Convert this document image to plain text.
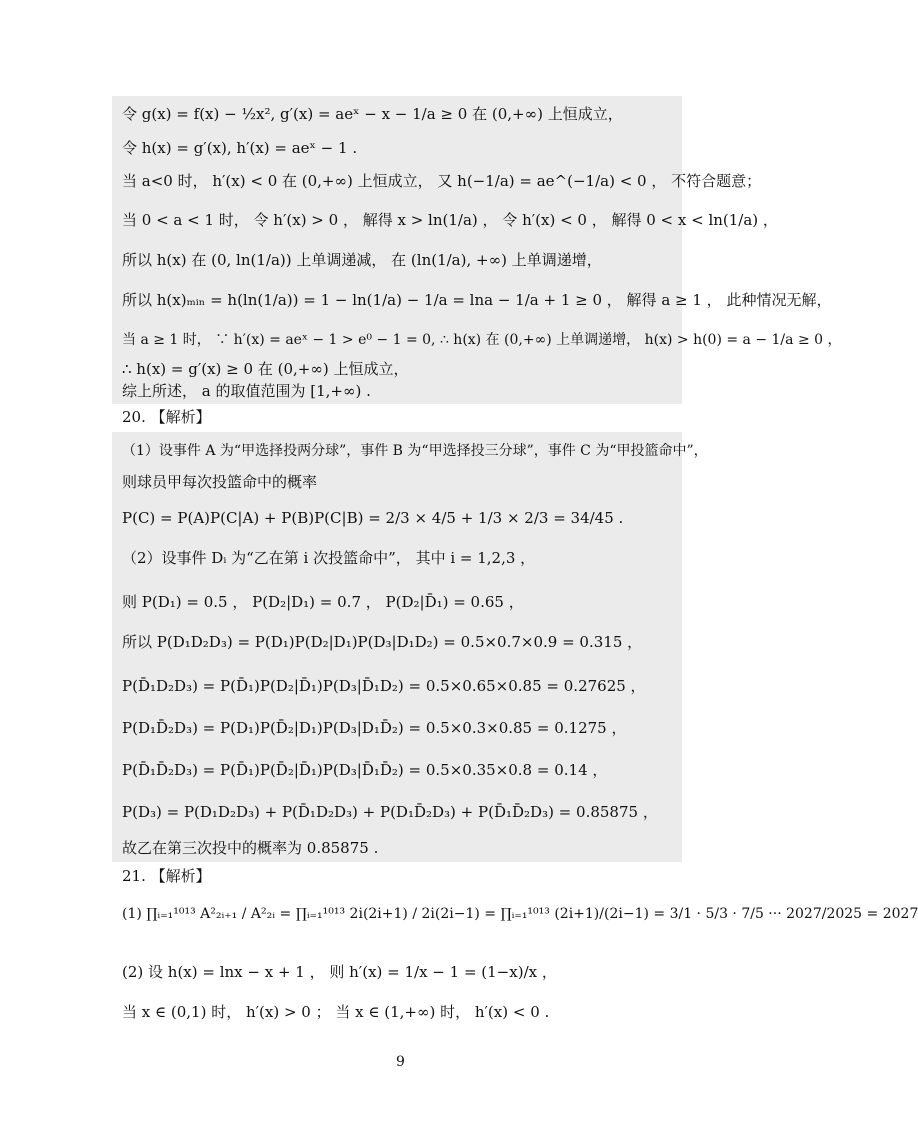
令 g(x) = f(x) − ½x², g′(x) = aeˣ − x − 1/a ≥ 0 在 (0,+∞) 上恒成立，
令 h(x) = g′(x), h′(x) = aeˣ − 1 .
当 a<0 时， h′(x) < 0 在 (0,+∞) 上恒成立， 又 h(−1/a) = ae^(−1/a) < 0 ， 不符合题意；
当 0 < a < 1 时， 令 h′(x) > 0 ， 解得 x > ln(1/a) ， 令 h′(x) < 0 ， 解得 0 < x < ln(1/a) ，
所以 h(x) 在 (0, ln(1/a)) 上单调递减， 在 (ln(1/a), +∞) 上单调递增，
所以 h(x)ₘᵢₙ = h(ln(1/a)) = 1 − ln(1/a) − 1/a = lna − 1/a + 1 ≥ 0 ， 解得 a ≥ 1 ， 此种情况无解，
当 a ≥ 1 时， ∵ h′(x) = aeˣ − 1 > e⁰ − 1 = 0, ∴ h(x) 在 (0,+∞) 上单调递增， h(x) > h(0) = a − 1/a ≥ 0 ，
∴ h(x) = g′(x) ≥ 0 在 (0,+∞) 上恒成立，
综上所述， a 的取值范围为 [1,+∞) .
20. 【解析】
（1）设事件 A 为“甲选择投两分球”，事件 B 为“甲选择投三分球”，事件 C 为“甲投篮命中”，
则球员甲每次投篮命中的概率
P(C) = P(A)P(C|A) + P(B)P(C|B) = 2/3 × 4/5 + 1/3 × 2/3 = 34/45 .
（2）设事件 Dᵢ 为“乙在第 i 次投篮命中”， 其中 i = 1,2,3 ，
则 P(D₁) = 0.5 ， P(D₂|D₁) = 0.7 ， P(D₂|D̄₁) = 0.65 ，
所以 P(D₁D₂D₃) = P(D₁)P(D₂|D₁)P(D₃|D₁D₂) = 0.5×0.7×0.9 = 0.315 ，
P(D̄₁D₂D₃) = P(D̄₁)P(D₂|D̄₁)P(D₃|D̄₁D₂) = 0.5×0.65×0.85 = 0.27625 ，
P(D₁D̄₂D₃) = P(D₁)P(D̄₂|D₁)P(D₃|D₁D̄₂) = 0.5×0.3×0.85 = 0.1275 ，
P(D̄₁D̄₂D₃) = P(D̄₁)P(D̄₂|D̄₁)P(D₃|D̄₁D̄₂) = 0.5×0.35×0.8 = 0.14 ，
P(D₃) = P(D₁D₂D₃) + P(D̄₁D₂D₃) + P(D₁D̄₂D₃) + P(D̄₁D̄₂D₃) = 0.85875 ，
故乙在第三次投中的概率为 0.85875 .
21. 【解析】
(1) ∏ᵢ₌₁¹⁰¹³ A²₂ᵢ₊₁ / A²₂ᵢ = ∏ᵢ₌₁¹⁰¹³ 2i(2i+1) / 2i(2i−1) = ∏ᵢ₌₁¹⁰¹³ (2i+1)/(2i−1) = 3/1 · 5/3 · 7/5 ··· 2027/2025 = 2027
(2) 设 h(x) = lnx − x + 1 ， 则 h′(x) = 1/x − 1 = (1−x)/x ，
当 x ∈ (0,1) 时， h′(x) > 0 ； 当 x ∈ (1,+∞) 时， h′(x) < 0 .
9
